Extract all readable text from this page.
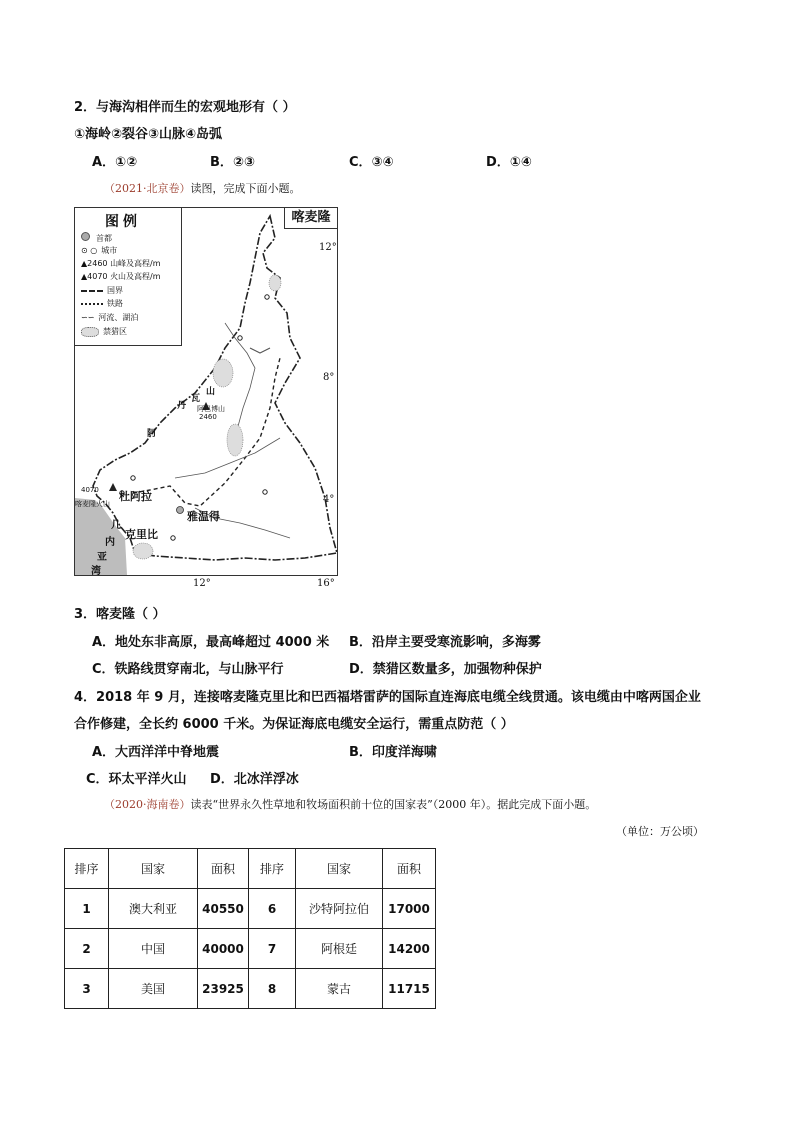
2．与海沟相伴而生的宏观地形有（ ）
①海岭②裂谷③山脉④岛弧
A．①②	B．②③	C．③④	D．①④
（2021·北京卷）读图，完成下面小题。
图例
首都
⊙ ○ 城市
▲2460 山峰及高程/m
▲4070 火山及高程/m
国界
铁路
∽∽ 河流、湖泊
禁猎区
喀麦隆
12°
8°
4°
12°	16°
丹
瓦
山
阿
阿巴博山
2460
4070
喀麦隆火山
杜阿拉
雅温得
克里比
几
内
亚
湾
3．喀麦隆（ ）
A．地处东非高原，最高峰超过 4000 米 B．沿岸主要受寒流影响，多海雾
C．铁路线贯穿南北，与山脉平行	D．禁猎区数量多，加强物种保护
4．2018 年 9 月，连接喀麦隆克里比和巴西福塔雷萨的国际直连海底电缆全线贯通。该电缆由中喀两国企业
合作修建，全长约 6000 千米。为保证海底电缆安全运行，需重点防范（ ）
A．大西洋洋中脊地震	B．印度洋海啸
C．环太平洋火山 D．北冰洋浮冰
（2020·海南卷）读表“世界永久性草地和牧场面积前十位的国家表”（2000 年）。据此完成下面小题。
（单位：万公顷）
排序	国家	面积	排序	国家	面积
1	澳大利亚	40550	6	沙特阿拉伯	17000
2	中国	40000	7	阿根廷	14200
3	美国	23925	8	蒙古	11715
